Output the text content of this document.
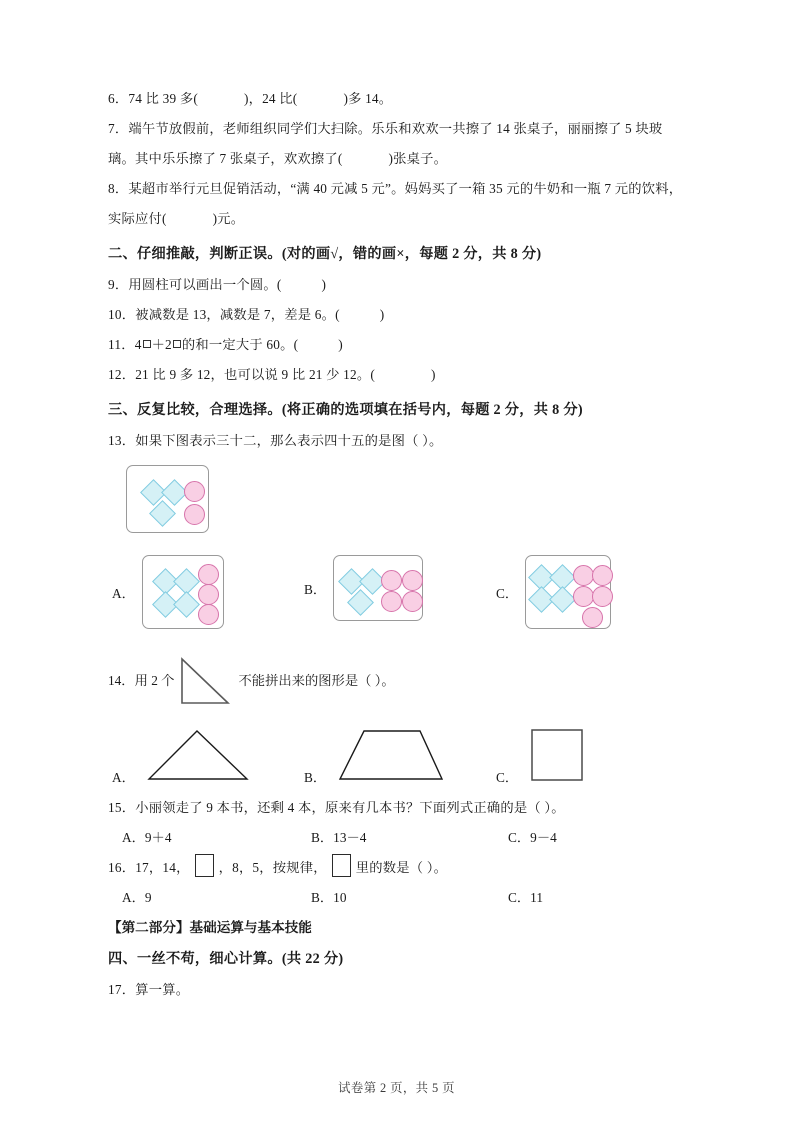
6．74 比 39 多(	)，24 比(	)多 14。
7．端午节放假前，老师组织同学们大扫除。乐乐和欢欢一共擦了 14 张桌子，丽丽擦了 5 块玻璃。其中乐乐擦了 7 张桌子，欢欢擦了(	)张桌子。
8．某超市举行元旦促销活动，“满 40 元减 5 元”。妈妈买了一箱 35 元的牛奶和一瓶 7 元的饮料，实际应付(	)元。
二、仔细推敲，判断正误。(对的画√，错的画×，每题 2 分，共 8 分)
9．用圆柱可以画出一个圆。(	)
10．被减数是 13，减数是 7，差是 6。(	)
11．4 ＋2 的和一定大于 60。(	)
12．21 比 9 多 12，也可以说 9 比 21 少 12。(	)
三、反复比较，合理选择。(将正确的选项填在括号内，每题 2 分，共 8 分)
13．如果下图表示三十二，那么表示四十五的是图（ ）。
A．	B．	C．
14．用 2 个	不能拼出来的图形是（ ）。
A．	B．	C．
15．小丽领走了 9 本书，还剩 4 本，原来有几本书？下面列式正确的是（ ）。
A．9＋4	B．13－4	C．9－4
16．17，14， ，8，5，按规律， 里的数是（ ）。
A．9	B．10	C．11
【第二部分】基础运算与基本技能
四、一丝不苟，细心计算。(共 22 分)
17．算一算。
试卷第 2 页，共 5 页
